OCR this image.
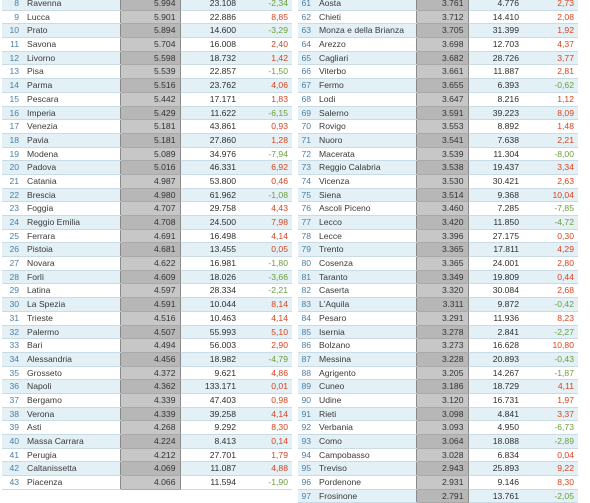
8	Ravenna	5.994	23.108	-2,34
9	Lucca	5.901	22.886	8,85
10	Prato	5.894	14.600	-3,29
11	Savona	5.704	16.008	2,40
12	Livorno	5.598	18.732	1,42
13	Pisa	5.539	22.857	-1,50
14	Parma	5.516	23.762	4,06
15	Pescara	5.442	17.171	1,83
16	Imperia	5.429	11.622	-6,15
17	Venezia	5.181	43.861	0,93
18	Pavia	5.181	27.860	1,28
19	Modena	5.089	34.976	-7,94
20	Padova	5.016	46.331	6,92
21	Catania	4.987	53.800	0,46
22	Brescia	4.980	61.962	-1,08
23	Foggia	4.707	29.758	4,43
24	Reggio Emilia	4.708	24.500	7,98
25	Ferrara	4.691	16.498	4,14
26	Pistoia	4.681	13.455	0,05
27	Novara	4.622	16.981	-1,80
28	Forlì	4.609	18.026	-3,66
29	Latina	4.597	28.334	-2,21
30	La Spezia	4.591	10.044	8,14
31	Trieste	4.516	10.463	4,14
32	Palermo	4.507	55.993	5,10
33	Bari	4.494	56.003	2,90
34	Alessandria	4.456	18.982	-4,79
35	Grosseto	4.372	9.621	4,86
36	Napoli	4.362	133.171	0,01
37	Bergamo	4.339	47.403	0,98
38	Verona	4.339	39.258	4,14
39	Asti	4.268	9.292	8,30
40	Massa Carrara	4.224	8.413	0,14
41	Perugia	4.212	27.701	1,79
42	Caltanissetta	4.069	11.087	4,88
43	Piacenza	4.066	11.594	-1,90
61	Aosta	3.761	4.776	2,73
62	Chieti	3.712	14.410	2,08
63	Monza e della Brianza	3.705	31.399	1,92
64	Arezzo	3.698	12.703	4,37
65	Cagliari	3.682	28.726	3,77
66	Viterbo	3.661	11.887	2,81
67	Fermo	3.655	6.393	-0,62
68	Lodi	3.647	8.216	1,12
69	Salerno	3.591	39.223	8,09
70	Rovigo	3.553	8.892	1,48
71	Nuoro	3.541	7.638	2,21
72	Macerata	3.539	11.304	-8,00
73	Reggio Calabria	3.538	19.437	3,34
74	Vicenza	3.530	30.421	2,63
75	Siena	3.514	9.368	10,04
76	Ascoli Piceno	3.460	7.285	-7,85
77	Lecco	3.420	11.850	-4,72
78	Lecce	3.396	27.175	0,30
79	Trento	3.365	17.811	4,29
80	Cosenza	3.365	24.001	2,80
81	Taranto	3.349	19.809	0,44
82	Caserta	3.320	30.084	2,68
83	L'Aquila	3.311	9.872	-0,42
84	Pesaro	3.291	11.936	8,23
85	Isernia	3.278	2.841	-2,27
86	Bolzano	3.273	16.628	10,80
87	Messina	3.228	20.893	-0,43
88	Agrigento	3.205	14.267	-1,87
89	Cuneo	3.186	18.729	4,11
90	Udine	3.120	16.731	1,97
91	Rieti	3.098	4.841	3,37
92	Verbania	3.093	4.950	-6,73
93	Como	3.064	18.088	-2,89
94	Campobasso	3.028	6.834	0,04
95	Treviso	2.943	25.893	9,22
96	Pordenone	2.931	9.146	8,30
97	Frosinone	2.791	13.761	-2,05
